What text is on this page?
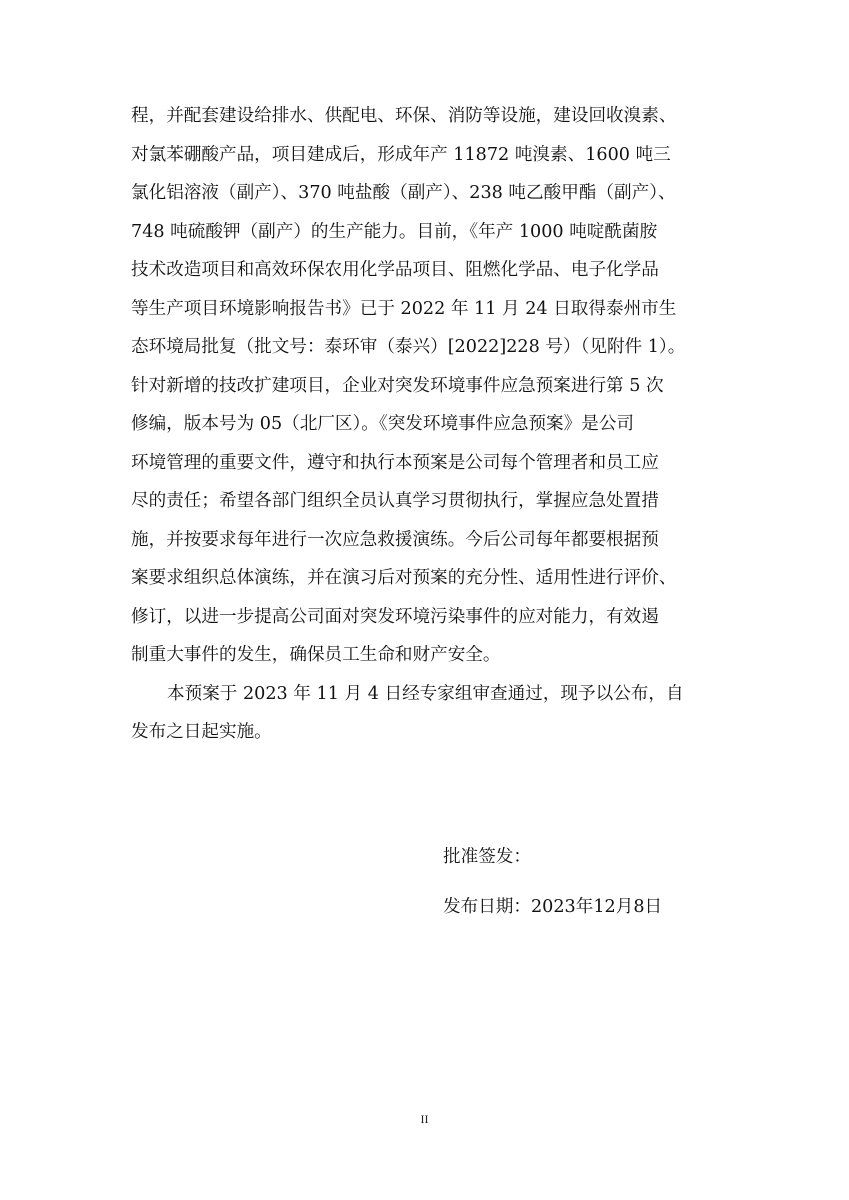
程，并配套建设给排水、供配电、环保、消防等设施，建设回收溴素、
对氯苯硼酸产品，项目建成后，形成年产 11872 吨溴素、1600 吨三
氯化铝溶液（副产）、370 吨盐酸（副产）、238 吨乙酸甲酯（副产）、
748 吨硫酸钾（副产）的生产能力。目前，《年产 1000 吨啶酰菌胺
技术改造项目和高效环保农用化学品项目、阻燃化学品、电子化学品
等生产项目环境影响报告书》已于 2022 年 11 月 24 日取得泰州市生
态环境局批复（批文号：泰环审（泰兴）[2022]228 号）（见附件 1）。
针对新增的技改扩建项目，企业对突发环境事件应急预案进行第 5 次
修编，版本号为 05（北厂区）。《突发环境事件应急预案》是公司
环境管理的重要文件，遵守和执行本预案是公司每个管理者和员工应
尽的责任；希望各部门组织全员认真学习贯彻执行，掌握应急处置措
施，并按要求每年进行一次应急救援演练。今后公司每年都要根据预
案要求组织总体演练，并在演习后对预案的充分性、适用性进行评价、
修订，以进一步提高公司面对突发环境污染事件的应对能力，有效遏
制重大事件的发生，确保员工生命和财产安全。
本预案于 2023 年 11 月 4 日经专家组审查通过，现予以公布，自
发布之日起实施。
批准签发：
发布日期：2023年12月8日
II
